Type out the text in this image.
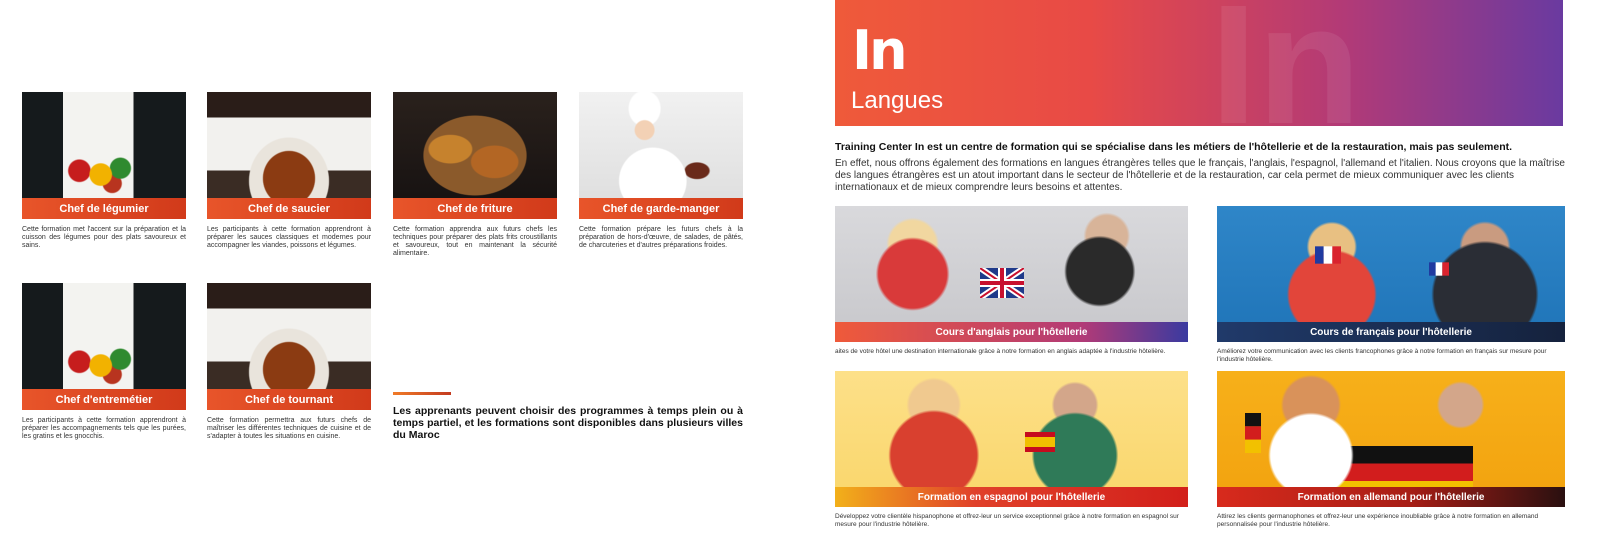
Chef de légumier
Cette formation met l'accent sur la préparation et la cuisson des légumes pour des plats savoureux et sains.
Chef de saucier
Les participants à cette formation apprendront à préparer les sauces classiques et modernes pour accompagner les viandes, poissons et légumes.
Chef de friture
Cette formation apprendra aux futurs chefs les techniques pour préparer des plats frits croustillants et savoureux, tout en maintenant la sécurité alimentaire.
Chef de garde-manger
Cette formation prépare les futurs chefs à la préparation de hors-d'œuvre, de salades, de pâtés, de charcuteries et d'autres préparations froides.
Chef d'entremétier
Les participants à cette formation apprendront à préparer les accompagnements tels que les purées, les gratins et les gnocchis.
Chef de tournant
Cette formation permettra aux futurs chefs de maîtriser les différentes techniques de cuisine et de s'adapter à toutes les situations en cuisine.
Les apprenants peuvent choisir des programmes à temps plein ou à temps partiel, et les formations sont disponibles dans plusieurs villes du Maroc
In
In
Langues
Training Center In est un centre de formation qui se spécialise dans les métiers de l'hôtellerie et de la restauration, mais pas seulement.
En effet, nous offrons également des formations en langues étrangères telles que le français, l'anglais, l'espagnol, l'allemand et l'italien. Nous croyons que la maîtrise des langues étrangères est un atout important dans le secteur de l'hôtellerie et de la restauration, car cela permet de mieux communiquer avec les clients internationaux et de mieux comprendre leurs besoins et attentes.
Cours d'anglais pour l'hôtellerie
aites de votre hôtel une destination internationale grâce à notre formation en anglais adaptée à l'industrie hôtelière.
Cours de français pour l'hôtellerie
Améliorez votre communication avec les clients francophones grâce à notre formation en français sur mesure pour l'industrie hôtelière.
Formation en espagnol pour l'hôtellerie
Développez votre clientèle hispanophone et offrez-leur un service exceptionnel grâce à notre formation en espagnol sur mesure pour l'industrie hôtelière.
Formation en allemand pour l'hôtellerie
Attirez les clients germanophones et offrez-leur une expérience inoubliable grâce à notre formation en allemand personnalisée pour l'industrie hôtelière.
